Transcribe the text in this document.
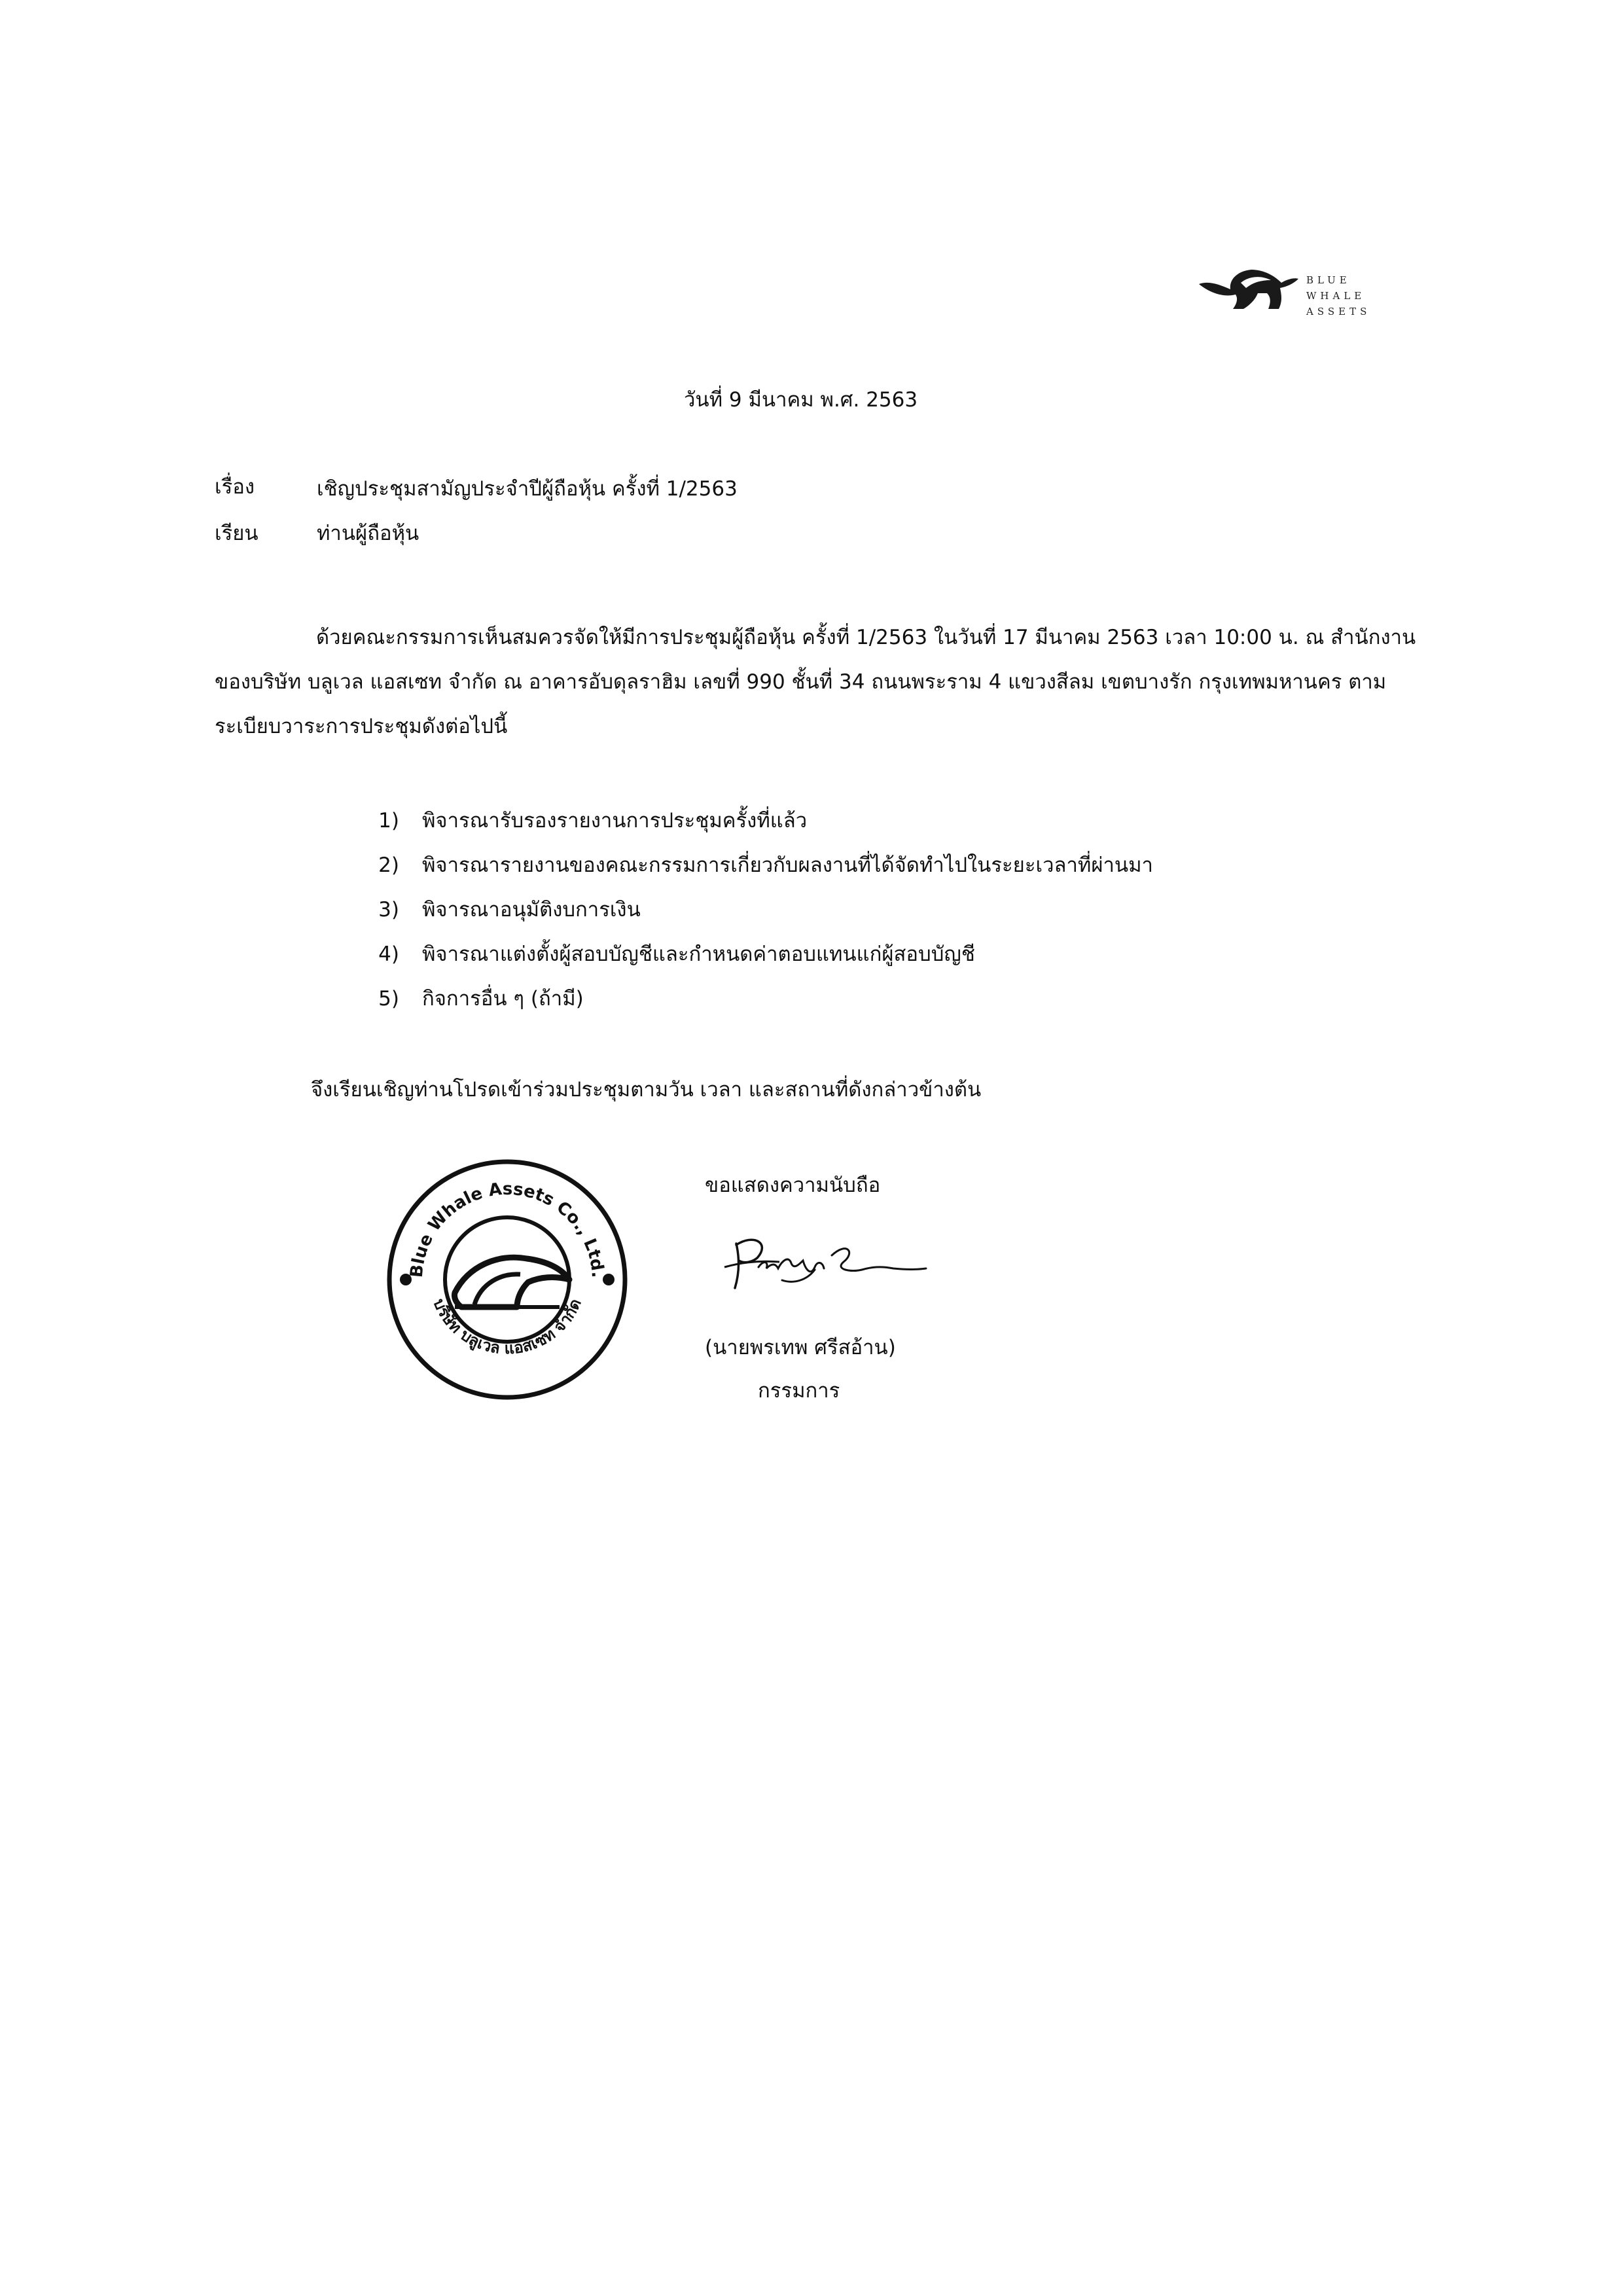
BLUE WHALE
ASSETS
วันที่ 9 มีนาคม พ.ศ. 2563
เรื่อง	เชิญประชุมสามัญประจำปีผู้ถือหุ้น ครั้งที่ 1/2563
เรียน	ท่านผู้ถือหุ้น
ด้วยคณะกรรมการเห็นสมควรจัดให้มีการประชุมผู้ถือหุ้น ครั้งที่ 1/2563 ในวันที่ 17 มีนาคม 2563 เวลา 10:00 น. ณ สำนักงาน
ของบริษัท บลูเวล แอสเซท จำกัด ณ อาคารอับดุลราฮิม เลขที่ 990 ชั้นที่ 34 ถนนพระราม 4 แขวงสีลม เขตบางรัก กรุงเทพมหานคร ตาม
ระเบียบวาระการประชุมดังต่อไปนี้
1) พิจารณารับรองรายงานการประชุมครั้งที่แล้ว
2) พิจารณารายงานของคณะกรรมการเกี่ยวกับผลงานที่ได้จัดทำไปในระยะเวลาที่ผ่านมา
3) พิจารณาอนุมัติงบการเงิน
4) พิจารณาแต่งตั้งผู้สอบบัญชีและกำหนดค่าตอบแทนแก่ผู้สอบบัญชี
5) กิจการอื่น ๆ (ถ้ามี)
จึงเรียนเชิญท่านโปรดเข้าร่วมประชุมตามวัน เวลา และสถานที่ดังกล่าวข้างต้น
Blue Whale Assets Co., Ltd.
บริษัท บลูเวล แอสเซท จำกัด
ขอแสดงความนับถือ
(นายพรเทพ ศรีสอ้าน)
กรรมการ
